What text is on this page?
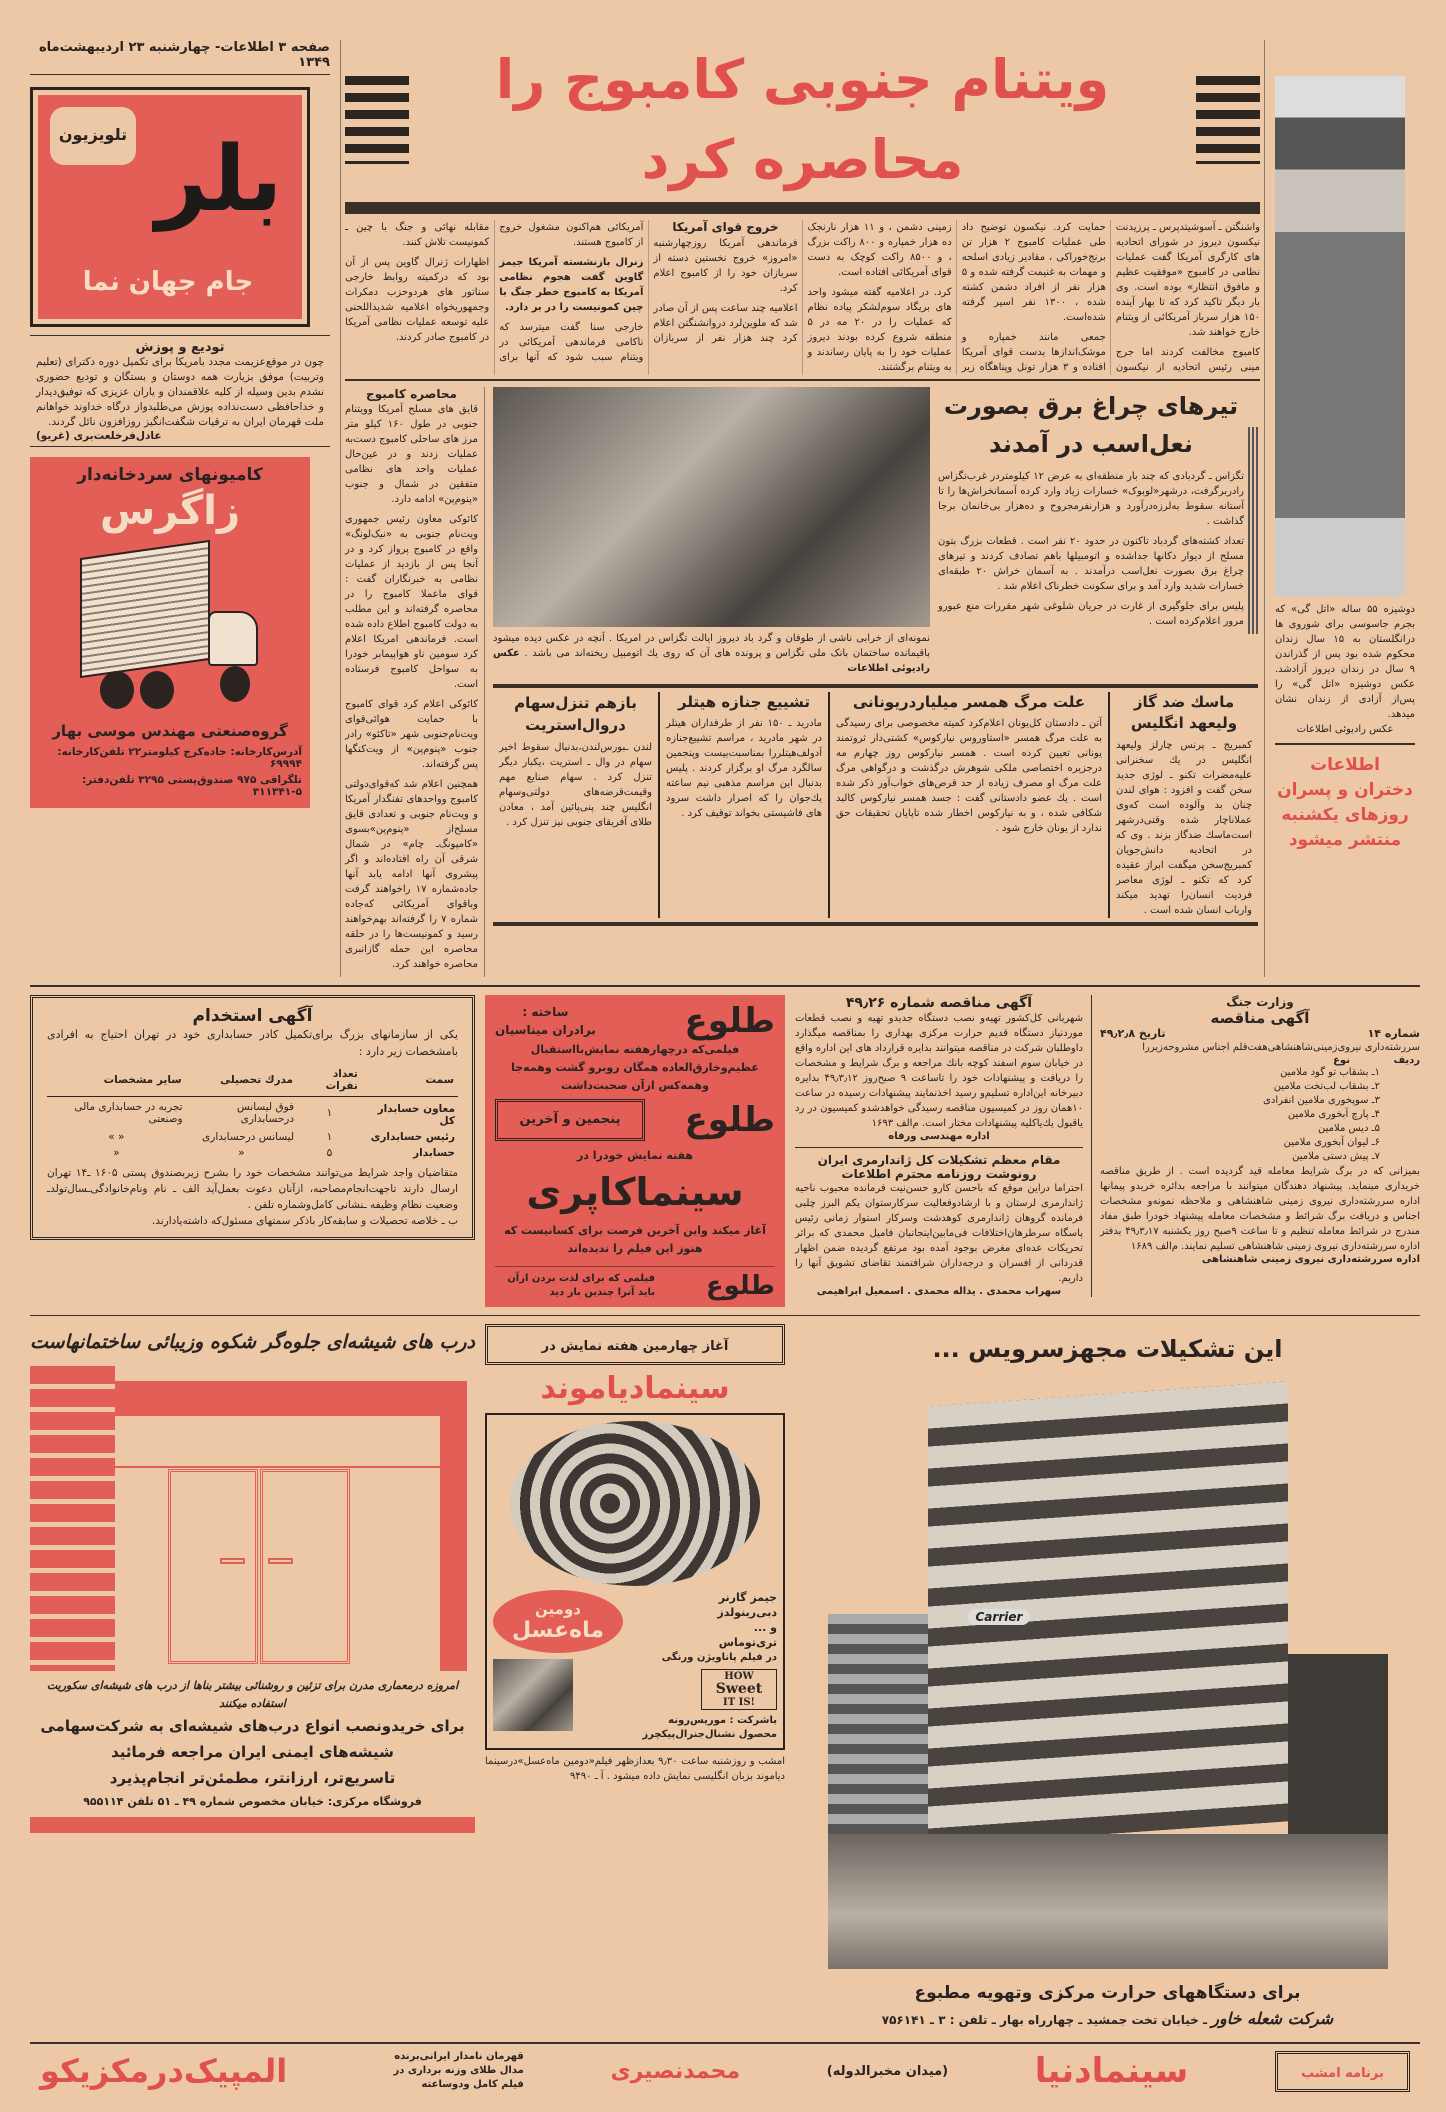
صفحه ۳ اطلاعات- چهارشنبه ۲۳ اردیبهشت‌ماه ۱۳۴۹
تلویزیون بلر
جام جهان نما
تودیع و پوزش
چون در موقع‌عزیمت مجدد بامریکا برای تکمیل دوره دکترای (تعلیم وتربیت) موفق بزیارت همه دوستان و بستگان و تودیع حضوری نشدم بدین وسیله از کلیه علاقمندان و یاران عزیزی که توفیق‌دیدار و خداحافظی دست‌نداده پوزش می‌طلبدواز درگاه خداوند خواهانم ملت قهرمان ایران به ترقیات شگفت‌انگیز روزافزون نائل گردند.
عادل‌فرخلعت‌بری (غریو)
کامیونهای سردخانه‌دار
زاگرس
گروه‌صنعتی مهندس موسی بهار
آدرس‌کارخانه: جاده‌کرج کیلومتر۲۲ تلفن‌کارخانه: ۶۹۹۹۴
تلگرافی ۹۷۵ صندوق‌پستی ۳۲۹۵ تلفن‌دفتر: ۵-۳۱۱۳۴۱
ویتنام جنوبی کامبوج را محاصره کرد

واشنگتن ـ آسوشیتدپرس ـ پرزیدنت نیکسون دیروز در شورای اتحادیه های کارگری آمریکا گفت عملیات نظامی در کامبوج «موفقیت عظیم و مافوق انتظار» بوده است. وی بار دیگر تاکید کرد که تا بهار آینده ۱۵۰ هزار سرباز آمریکائی از ویتنام خارج خواهند شد.

کامبوج مخالفت کردند اما جرج مینی رئیس اتحادیه از نیکسون حمایت کرد. نیکسون توضیح داد طی عملیات کامبوج ۲ هزار تن برنج‌خوراکی ، مقادیر زیادی اسلحه و مهمات به غنیمت گرفته شده و ۵ هزار نفر از افراد دشمن کشته شده ، ۱۳۰۰ نفر اسیر گرفته شده‌است.

جمعی مانند خمپاره و موشک‌اندازها بدست قوای آمریکا افتاده و ۳ هزار تونل وپناهگاه زیر زمینی دشمن ، و ۱۱ هزار نارنجک ده هزار خمپاره و ۸۰۰ راکت بزرگ ، و ۸۵۰۰ راکت کوچک به دست قوای آمریکائی افتاده است.

کرد. در اعلامیه گفته میشود واحد های بریگاد سوم‌لشکر پیاده نظام که عملیات را در ۲۰ مه در ۵ منطقه شروع کرده بودند دیروز عملیات خود را به پایان رساندند و به ویتنام برگشتند.

خروج قوای آمریکا

فرماندهی آمریکا روزچهارشنبه «امروز» خروج نخستین دسته از سربازان خود را از کامبوج اعلام کرد.

اعلامیه چند ساعت پس از آن صادر شد که ملوین‌لرد دروانشنگتن اعلام کرد چند هزار نفر از سربازان آمریکائی هم‌اکنون مشغول خروج از کامبوج هستند.

زنرال بازنشسته آمریکا جیمز گاوین گفت هجوم نظامی آمریکا به کامبوج خطر جنگ با چین کمونیست را در بر دارد.

خارجی سنا گفت میترسد که ناکامی فرماندهی آمریکائی در ویتنام سبب شود که آنها برای مقابله نهائی و جنگ با چین ـ کمونیست تلاش کنند.

اظهارات ژنرال گاوین پس از آن بود که درکمیته روابط خارجی سناتور های هردوحزب دمکرات وجمهوریخواه اعلامیه شدیداللحنی علیه توسعه عملیات نظامی آمریکا در کامبوج صادر کردند.

محاصره کامبوج

قایق های مسلح آمریکا وویتنام جنوبی در طول ۱۶۰ کیلو متر مرز های ساحلی کامبوج دست‌به عملیات زدند و در عین‌حال عملیات واحد های نظامی متفقین در شمال و جنوب «پنوم‌پن» ادامه دارد.

کائوکی معاون رئیس جمهوری ویت‌نام جنوبی به «نیک‌لونگ» واقع در کامبوج پرواز کرد و در آنجا پس از بازدید از عملیات نظامی به خبرنگاران گفت : قوای ماعملا کامبوج را در محاصره گرفته‌اند و این مطلب به دولت کامبوج اطلاع داده شده است. فرماندهی امریکا اعلام کرد سومین ناو هواپیمابر خودرا به سواحل کامبوج فرستاده است.

کائوکی اعلام کرد قوای کامبوج با حمایت هوائی‌قوای ویت‌نام‌جنوبی شهر «تاکئو» رادر جنوب «پنوم‌پن» از ویت‌کنگها پس گرفته‌اند.

همچنین اعلام شد که‌قوای‌دولتی کامبوج وواحدهای تفنگدار آمریکا و ویت‌نام جنوبی و تعدادی قایق مسلح‌از «پنوم‌پن»بسوی «کامپونگ‌ـ چام» در شمال شرقی آن راه افتاده‌اند و اگر پیشروی آنها ادامه یابد آنها جاده‌شماره ۱۷ راخواهند گرفت وباقوای آمریکائی که‌جاده شماره ۷ را گرفته‌اند بهم‌خواهند رسید و کمونیست‌ها را در حلقه محاصره این حمله گازانبری محاصره خواهند کرد.

نمونه‌ای از خرابی ناشی از طوفان و گرد باد دیروز ایالت تگزاس در امریکا . آنچه در عکس دیده میشود باقیمانده ساختمان بانک ملی تگزاس و پرونده های آن که روی یك اتومبیل ریخته‌اند می باشد . عکس رادیوئی اطلاعات
تیرهای چراغ برق بصورت
نعل‌اسب در آمدند

تگزاس ـ گردبادی که چند بار منطقه‌ای به عرض ۱۲ کیلومتردر غرب‌تگزاس رادربرگرفت، درشهر«لوبوک» خسارات زیاد وارد کرده آسمانخراش‌ها را تا آستانه سقوط به‌لرزه‌درآورد و هزارنفرمجروح و ده‌هزار بی‌خانمان برجا گذاشت .

تعداد کشته‌های گردباد تاکنون در حدود ۲۰ نفر است . قطعات بزرگ بتون مسلح از دیوار دکانها جداشده و اتومبیلها باهم تصادف کردند و تیرهای چراغ برق بصورت نعل‌اسب درآمدند . به آسمان خراش ۲۰ طبقه‌ای خسارات شدید وارد آمد و برای سکونت خطرناک اعلام شد .

پلیس برای جلوگیری از غارت در جریان شلوغی شهر مقررات منع عبورو مرور اعلام‌کرده است .

ماسك ضد گاز ولیعهد انگلیس
کمبریج ـ پرنس چارلز ولیعهد انگلیس در یك سخنرانی علیه‌مضرات تکنو ـ لوژی جدید سخن گفت و افزود : هوای لندن چنان بد وآلوده است که‌وی عملاناچار شده وقتی‌درشهر است‌ماسك ضدگاز بزند . وی که در اتحادیه دانش‌جویان کمبریج‌سخن میگفت ابراز عقیده کرد که تکنو ـ لوژی معاصر فردیت انسان‌را تهدید میکند وارباب انسان شده است .
علت مرگ همسر میلیاردریونانی
آتن ـ دادستان کل‌یونان اعلام‌کرد کمیته مخصوصی برای رسیدگی به علت مرگ همسر «استاوروس نیارکوس» کشتی‌دار ثروتمند یونانی تعیین کرده است . همسر نیارکوس روز چهارم مه درجزیره اختصاصی ملکی شوهرش درگذشت و درگواهی مرگ علت مرگ او مصرف زیاده از حد قرص‌های خواب‌آور ذکر شده است . یك عضو دادستانی گفت : جسد همسر نیارکوس کالبد شکافی شده ، و به نیارکوس اخطار شده تاپایان تحقیقات حق ندارد از یونان خارج شود .
تشییع جنازه هیتلر
مادرید ـ ۱۵۰ نفر از طرفداران هیتلر در شهر مادرید ، مراسم تشییع‌جنازه آدولف‌هیتلررا بمناسبت‌بیست وپنجمین سالگرد مرگ او برگزار کردند . پلیس بدنبال این مراسم مذهبی نیم ساعته یك‌جوان را که اصرار داشت سرود های فاشیستی بخواند توقیف کرد .
بازهم تنزل‌سهام دروال‌استریت
لندن ـبورس‌لندن،بدنبال سقوط اخیر سهام در وال ـ استریت ،یکبار دیگر تنزل کرد . سهام صنایع مهم وقیمت‌قرضه‌های دولتی‌وسهام انگلیس چند پنی‌پائین آمد ، معادن طلای آفریقای جنوبی نیز تنزل کرد .
دوشیزه ۵۵ ساله «اتل گی» که بجرم جاسوسی برای شوروی ها درانگلستان به ۱۵ سال زندان محکوم شده بود پس از گذراندن ۹ سال در زندان دیروز آزادشد. عکس دوشیزه «اتل گی» را پس‌از آزادی از زندان نشان میدهد.
عکس رادیوئی اطلاعات
اطلاعات
دختران و پسران
روزهای یکشنبه
منتشر میشود
آگهی استخدام
یکی از سازمانهای بزرگ برای‌تکمیل کادر حسابداری خود در تهران احتیاج به افرادی بامشخصات زیر دارد :
سمت	تعداد نفرات	مدرك تحصیلی	سایر مشخصات
معاون حسابدار کل	۱	فوق لیسانس درحسابداری	تجربه در حسابداری مالی وصنعتی
رئیس حسابداری	۱	لیسانس درحسابداری	« »
حسابدار	۵	«	«
متقاضیان واجد شرایط می‌توانند مشخصات خود را بشرح زیربصندوق پستی ۱۶۰۵ ـ۱۴ تهران ارسال دارند تاجهت‌انجام‌مصاحبه، ازآنان دعوت بعمل‌آید الف ـ نام ونام‌خانوادگی‌ـسال‌تولدـ وضعیت نظام وظیفه ـنشانی کامل‌وشماره تلفن .
ب ـ خلاصه تحصیلات و سابقه‌کار باذکر سمتهای مسئول‌که داشته‌یادارند.
طلوع
ساخته :
برادران میناسیان
فیلمی‌که درچهارهفته نمایش‌بااستقبال عظیم‌وخارق‌العاده همگان روبرو گشت وهمه‌جا وهمه‌کس ازآن صحبت‌داشت
طلوع
پنجمین و آخرین
هفته نمایش خودرا در
سینماکاپری
آغاز میکند واین آخرین فرصت برای کسانیست که هنوز این فیلم را ندیده‌اند
طلوع
فیلمی که برای لذت بردن ازآن باید آنرا چندین بار دید
وزارت جنگ
آگهی مناقصه
شماره ۱۴
تاریخ ۴۹٫۲٫۸
سررشته‌داری نیروی‌زمینی‌شاهنشاهی‌هفت‌قلم اجناس مشروحه‌زیررا
ردیف نوع
۱ـ بشقاب تو گود ملامین
۲ـ بشقاب لب‌تخت ملامین
۳ـ سوپخوری ملامین انفرادی
۴ـ پارچ آبخوری ملامین
۵ـ دیس ملامین
۶ـ لیوان آبخوری ملامین
۷ـ پیش دستی ملامین
بمیزانی که در برگ شرایط معامله قید گردیده است . از طریق مناقصه خریداری مینماید. پیشنهاد دهندگان میتوانند با مراجعه بدائره خریدو پیمانها اداره سررشته‌داری نیروی زمینی شاهنشاهی و ملاحظه نمونه‌و مشخصات اجناس و دریافت برگ شرائط و مشخصات معامله پیشنهاد خودرا طبق مفاد مندرج در شرائط معامله تنظیم و تا ساعت ۹صبح روز یکشنبه ۴۹٫۳٫۱۷ بدفتر اداره سررشته‌داری نیروی زمینی شاهنشاهی تسلیم نمایند. م‌الف ۱۶۸۹
اداره سررشته‌داری نیروی زمینی شاهنشاهی
آگهی مناقصه شماره ۴۹٫۲۶
شهربانی کل‌کشور تهیه‌و نصب دستگاه جدیدو تهیه و نصب قطعات موردنیاز دستگاه قدیم حرارت مرکزی بهداری را بمناقصه میگذارد داوطلبان شرکت در مناقصه میتوانند بدایره قرارداد های این اداره واقع در خیابان سوم اسفند کوچه بانك مراجعه و برگ شرایط و مشخصات را دریافت و پیشنهادات خود را تاساعت ۹ صبح‌روز ۴۹٫۳٫۱۲ بدایره دبیرخانه این‌اداره تسلیم‌و رسید اخذنمایند پیشنهادات رسیده در ساعت ۱۰همان روز در کمیسیون مناقصه رسیدگی خواهدشدو کمیسیون در رد یاقبول یك‌یاکلیه پیشنهادات مختار است. م‌الف ۱۶۹۳
اداره مهندسی ورفاه
مقام معظم تشکیلات کل ژاندارمری ایران
رونوشت روزنامه محترم اطلاعات
احتراما دراین موقع که باحسن کارو حسن‌نیت فرمانده محبوب ناحیه ژاندارمری لرستان و با ارشادوفعالیت سرکارستوان یکم البرز چلبی فرمانده گروهان ژاندارمری کوهدشت وسرکار استوار زمانی رئیس پاسگاه سرطرهان‌اختلافات فی‌مابین‌اینجانبان فامیل محمدی که براثر تحریکات عده‌ای مغرض بوجود آمده بود مرتفع گردیده ضمن اظهار قدردانی از افسران و درجه‌داران شرافتمند تقاضای تشویق آنها را داریم.
سهراب محمدی . یداله محمدی . اسمعیل ابراهیمی
درب های شیشه‌ای جلوه‌گر شکوه وزیبائی ساختمانهاست
امروزه درمعماری مدرن برای تزئین و روشنائی بیشتر بناها از درب های شیشه‌ای سکوریت استفاده میکنند
برای خریدونصب انواع درب‌های شیشه‌ای به شرکت‌سهامی
شیشه‌های ایمنی ایران مراجعه فرمائید
تاسریع‌تر، ارزانتر، مطمئن‌تر انجام‌پذیرد
فروشگاه مرکزی: خیابان مخصوص شماره ۴۹ ـ ۵۱ تلفن ۹۵۵۱۱۴
آغاز چهارمین هفته نمایش در
سینمادیاموند
دومین
ماه‌عسل
جیمز گارنر
دبی‌رینولدز
و ...
تری‌توماس
در فیلم پاناویژن ورنگی
HOW
Sweet
IT IS!
باشرکت : موریس‌رونه
محصول نشنال‌جنرال‌پیکچرز
امشب و روزشنبه ساعت ۹٫۳۰ بعدازظهر فیلم«دومین ماه‌عسل»درسینما دیاموند بزبان انگلیسی نمایش داده میشود . آ ـ ۹۴۹۰
این تشکیلات مجهزسرویس ...
Carrier
برای دستگاههای حرارت مرکزی وتهویه مطبوع
شرکت شعله خاور ـ خیابان تخت جمشید ـ چهارراه بهار ـ تلفن : ۳ ـ ۷۵۶۱۴۱
برنامه امشب
سینمادنیا
(میدان مخبرالدوله)
محمدنصیری
قهرمان نامدار ایرانی‌برنده مدال طلای وزنه برداری در فیلم کامل ودوساعته
المپیک‌درمکزیکو
